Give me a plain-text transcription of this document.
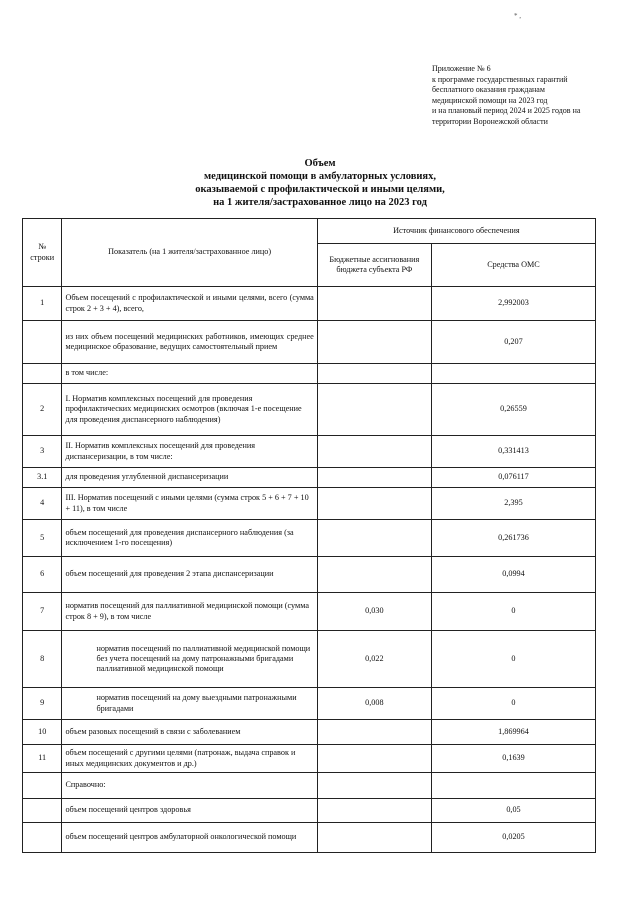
* ,
Приложение № 6
к программе государственных гарантий
бесплатного оказания гражданам
медицинской помощи на 2023 год
и на плановый период 2024 и 2025 годов на
территории Воронежской области
Объем
медицинской помощи в амбулаторных условиях,
оказываемой с профилактической и иными целями,
на 1 жителя/застрахованное лицо на 2023 год
№ строки	Показатель (на 1 жителя/застрахованное лицо)	Источник финансового обеспечения	
		Бюджетные ассигнования бюджета субъекта РФ	Средства ОМС
1	Объем посещений с профилактической и иными целями, всего (сумма строк 2 + 3 + 4), всего,		2,992003
	из них объем посещений медицинских работников, имеющих среднее медицинское образование, ведущих самостоятельный прием		0,207
	в том числе:		
2	I. Норматив комплексных посещений для проведения профилактических медицинских осмотров (включая 1-е посещение для проведения диспансерного наблюдения)		0,26559
3	II. Норматив комплексных посещений для проведения диспансеризации, в том числе:		0,331413
3.1	для проведения углубленной диспансеризации		0,076117
4	III. Норматив посещений с иными целями (сумма строк 5 + 6 + 7 + 10 + 11), в том числе		2,395
5	объем посещений для проведения диспансерного наблюдения (за исключением 1-го посещения)		0,261736
6	объем посещений для проведения 2 этапа диспансеризации		0,0994
7	норматив посещений для паллиативной медицинской помощи (сумма строк 8 + 9), в том числе	0,030	0
8	норматив посещений по паллиативной медицинской помощи без учета посещений на дому патронажными бригадами паллиативной медицинской помощи	0,022	0
9	норматив посещений на дому выездными патронажными бригадами	0,008	0
10	объем разовых посещений в связи с заболеванием		1,869964
11	объем посещений с другими целями (патронаж, выдача справок и иных медицинских документов и др.)		0,1639
	Справочно:		
	объем посещений центров здоровья		0,05
	объем посещений центров амбулаторной онкологической помощи		0,0205
